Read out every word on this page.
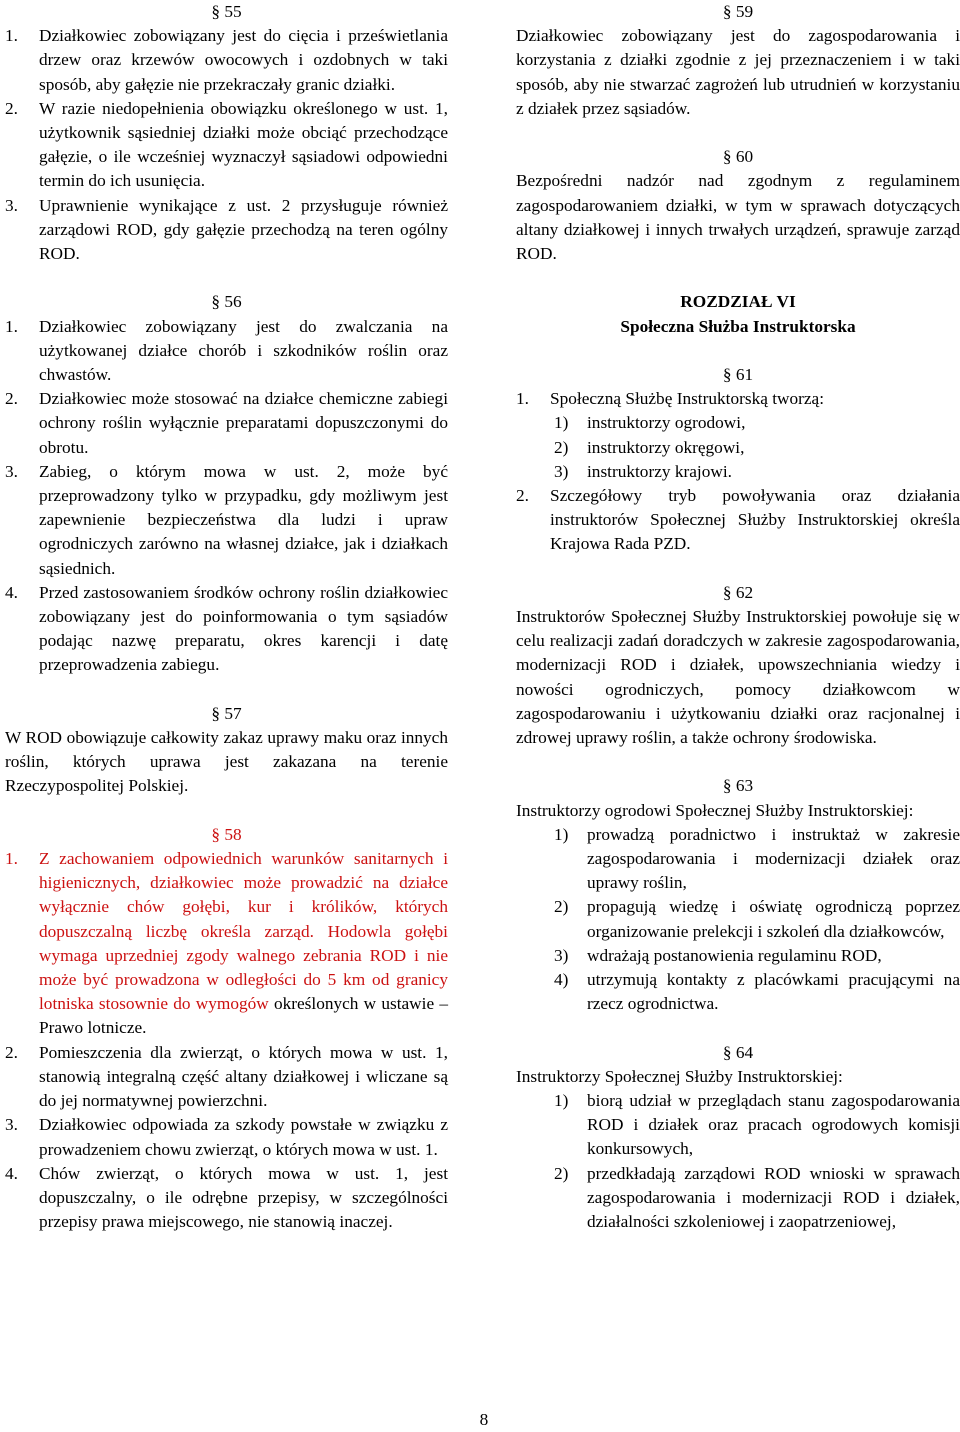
§ 55
1. Działkowiec zobowiązany jest do cięcia i prześwietlania drzew oraz krzewów owocowych i ozdobnych w taki sposób, aby gałęzie nie przekraczały granic działki.
2. W razie niedopełnienia obowiązku określonego w ust. 1, użytkownik sąsiedniej działki może obciąć przechodzące gałęzie, o ile wcześniej wyznaczył sąsiadowi odpowiedni termin do ich usunięcia.
3. Uprawnienie wynikające z ust. 2 przysługuje również zarządowi ROD, gdy gałęzie przechodzą na teren ogólny ROD.
§ 56
1. Działkowiec zobowiązany jest do zwalczania na użytkowanej działce chorób i szkodników roślin oraz chwastów.
2. Działkowiec może stosować na działce chemiczne zabiegi ochrony roślin wyłącznie preparatami dopuszczonymi do obrotu.
3. Zabieg, o którym mowa w ust. 2, może być przeprowadzony tylko w przypadku, gdy możliwym jest zapewnienie bezpieczeństwa dla ludzi i upraw ogrodniczych zarówno na własnej działce, jak i działkach sąsiednich.
4. Przed zastosowaniem środków ochrony roślin działkowiec zobowiązany jest do poinformowania o tym sąsiadów podając nazwę preparatu, okres karencji i datę przeprowadzenia zabiegu.
§ 57

W ROD obowiązuje całkowity zakaz uprawy maku oraz innych roślin, których uprawa jest zakazana na terenie Rzeczypospolitej Polskiej.

§ 58
1. Z zachowaniem odpowiednich warunków sanitarnych i higienicznych, działkowiec może prowadzić na działce wyłącznie chów gołębi, kur i królików, których dopuszczalną liczbę określa zarząd. Hodowla gołębi wymaga uprzedniej zgody walnego zebrania ROD i nie może być prowadzona w odległości do 5 km od granicy lotniska stosownie do wymogów określonych w ustawie – Prawo lotnicze.
2. Pomieszczenia dla zwierząt, o których mowa w ust. 1, stanowią integralną część altany działkowej i wliczane są do jej normatywnej powierzchni.
3. Działkowiec odpowiada za szkody powstałe w związku z prowadzeniem chowu zwierząt, o których mowa w ust. 1.
4. Chów zwierząt, o których mowa w ust. 1, jest dopuszczalny, o ile odrębne przepisy, w szczególności przepisy prawa miejscowego, nie stanowią inaczej.
§ 59

Działkowiec zobowiązany jest do zagospodarowania i korzystania z działki zgodnie z jej przeznaczeniem i w taki sposób, aby nie stwarzać zagrożeń lub utrudnień w korzystaniu z działek przez sąsiadów.

§ 60

Bezpośredni nadzór nad zgodnym z regulaminem zagospodarowaniem działki, w tym w sprawach dotyczących altany działkowej i innych trwałych urządzeń, sprawuje zarząd ROD.

ROZDZIAŁ VI
Społeczna Służba Instruktorska
§ 61
1. Społeczną Służbę Instruktorską tworzą:
1) instruktorzy ogrodowi,
2) instruktorzy okręgowi,
3) instruktorzy krajowi.
2. Szczegółowy tryb powoływania oraz działania instruktorów Społecznej Służby Instruktorskiej określa Krajowa Rada PZD.
§ 62

Instruktorów Społecznej Służby Instruktorskiej powołuje się w celu realizacji zadań doradczych w zakresie zagospodarowania, modernizacji ROD i działek, upowszechniania wiedzy i nowości ogrodniczych, pomocy działkowcom w zagospodarowaniu i użytkowaniu działki oraz racjonalnej i zdrowej uprawy roślin, a także ochrony środowiska.

§ 63

Instruktorzy ogrodowi Społecznej Służby Instruktorskiej:

1) prowadzą poradnictwo i instruktaż w zakresie zagospodarowania i modernizacji działek oraz uprawy roślin,
2) propagują wiedzę i oświatę ogrodniczą poprzez organizowanie prelekcji i szkoleń dla działkowców,
3) wdrażają postanowienia regulaminu ROD,
4) utrzymują kontakty z placówkami pracującymi na rzecz ogrodnictwa.
§ 64

Instruktorzy Społecznej Służby Instruktorskiej:

1) biorą udział w przeglądach stanu zagospodarowania ROD i działek oraz pracach ogrodowych komisji konkursowych,
2) przedkładają zarządowi ROD wnioski w sprawach zagospodarowania i modernizacji ROD i działek, działalności szkoleniowej i zaopatrzeniowej,
8
